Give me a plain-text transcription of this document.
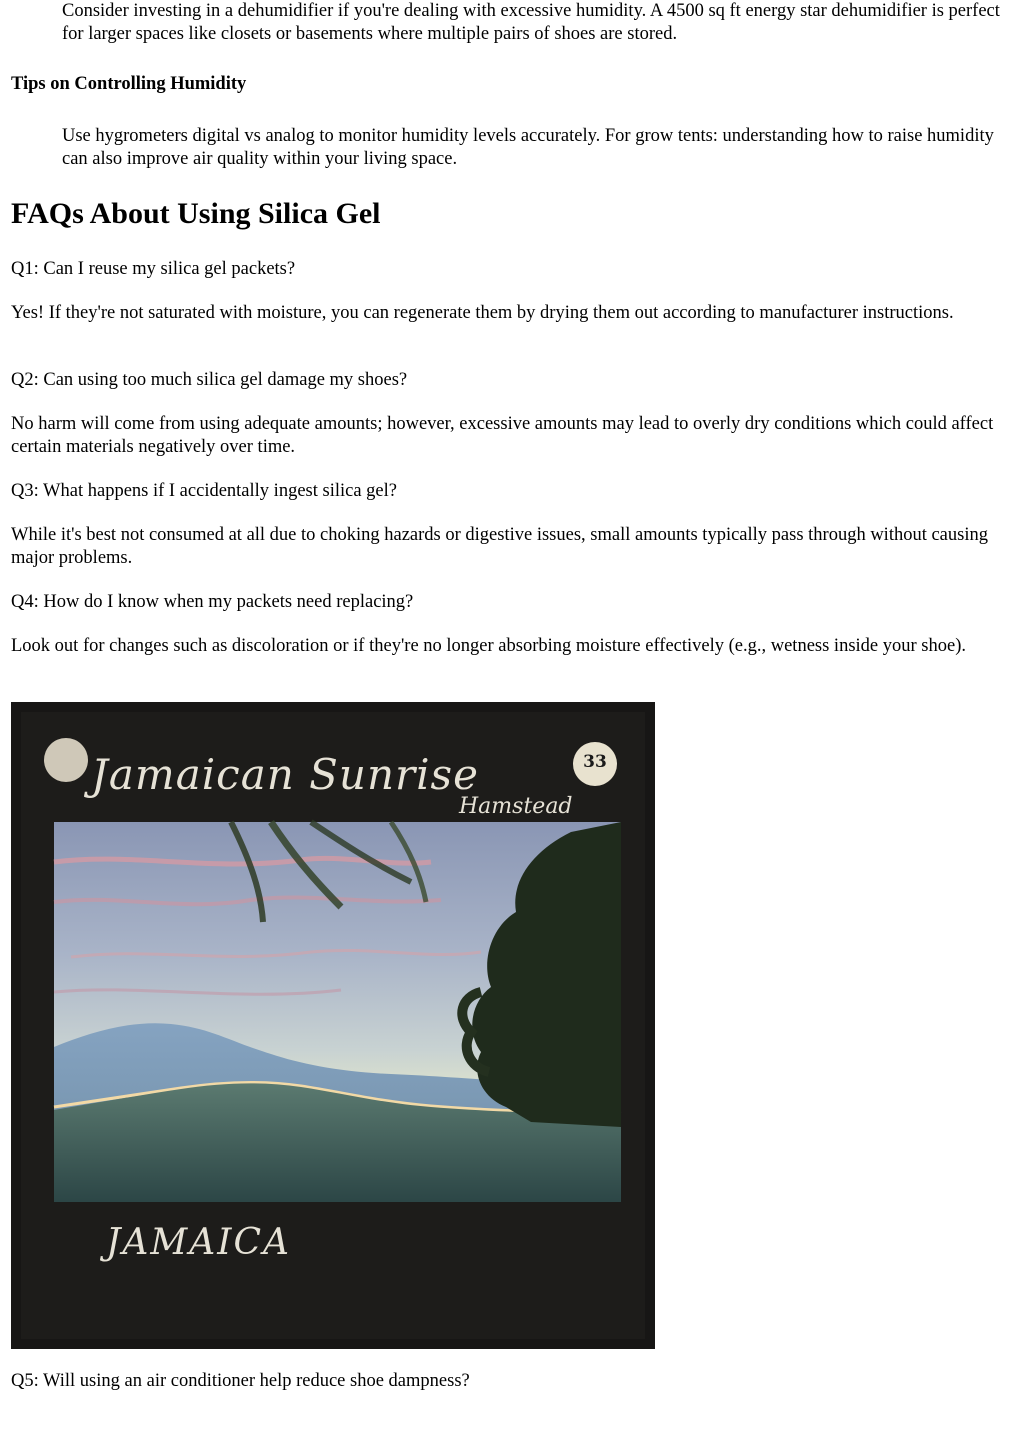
Consider investing in a dehumidifier if you're dealing with excessive humidity. A 4500 sq ft energy star dehumidifier is perfect for larger spaces like closets or basements where multiple pairs of shoes are stored.

Tips on Controlling Humidity

Use hygrometers digital vs analog to monitor humidity levels accurately. For grow tents: understanding how to raise humidity can also improve air quality within your living space.

FAQs About Using Silica Gel

Q1: Can I reuse my silica gel packets?

Yes! If they're not saturated with moisture, you can regenerate them by drying them out according to manufacturer instructions.

Q2: Can using too much silica gel damage my shoes?

No harm will come from using adequate amounts; however, excessive amounts may lead to overly dry conditions which could affect certain materials negatively over time.

Q3: What happens if I accidentally ingest silica gel?

While it's best not consumed at all due to choking hazards or digestive issues, small amounts typically pass through without causing major problems.

Q4: How do I know when my packets need replacing?

Look out for changes such as discoloration or if they're no longer absorbing moisture effectively (e.g., wetness inside your shoe).

33
Jamaican Sunrise
Hamstead
JAMAICA

Q5: Will using an air conditioner help reduce shoe dampness?
